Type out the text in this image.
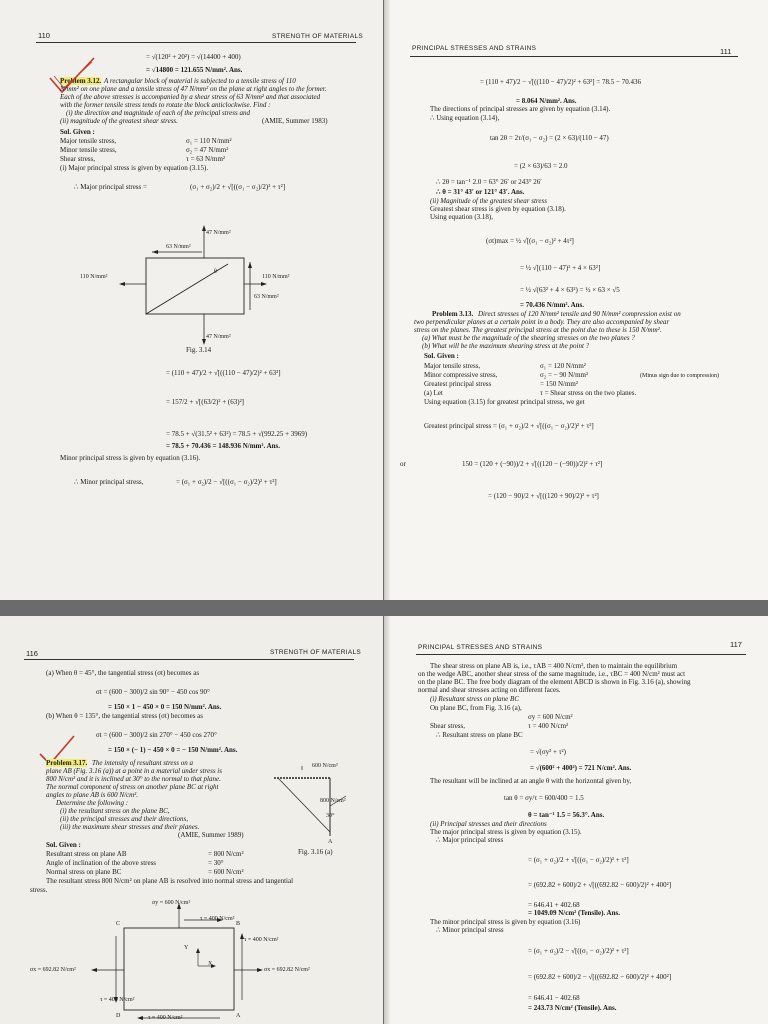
110	STRENGTH OF MATERIALS
= √(120² + 20²) = √(14400 + 400)
= √14800 = 121.655 N/mm². Ans.
Problem 3.12. A rectangular block of material is subjected to a tensile stress of 110
N/mm² on one plane and a tensile stress of 47 N/mm² on the plane at right angles to the former.
Each of the above stresses is accompanied by a shear stress of 63 N/mm² and that associated
with the former tensile stress tends to rotate the block anticlockwise. Find :
(i) the direction and magnitude of each of the principal stress and
(ii) magnitude of the greatest shear stress.	(AMIE, Summer 1983)
Sol. Given :
Major tensile stress,	σ₁ = 110 N/mm²
Minor tensile stress,	σ₂ = 47 N/mm²
Shear stress,	τ = 63 N/mm²
(i) Major principal stress is given by equation (3.15).
∴ Major principal stress =	(σ₁ + σ₂)/2 + √[((σ₁ − σ₂)/2)² + τ²]
47 N/mm²
110 N/mm²	110 N/mm²
63 N/mm²
63 N/mm²
47 N/mm²
θ
Fig. 3.14
= (110 + 47)/2 + √[((110 − 47)/2)² + 63²]
= 157/2 + √[(63/2)² + (63)²]
= 78.5 + √(31.5² + 63²) = 78.5 + √(992.25 + 3969)
= 78.5 + 70.436 = 148.936 N/mm². Ans.
Minor principal stress is given by equation (3.16).
∴ Minor principal stress,	= (σ₁ + σ₂)/2 − √[((σ₁ − σ₂)/2)² + τ²]
PRINCIPAL STRESSES AND STRAINS	111
= (110 + 47)/2 − √[((110 − 47)/2)² + 63²] = 78.5 − 70.436
= 8.064 N/mm². Ans.
The directions of principal stresses are given by equation (3.14).
∴ Using equation (3.14),
tan 2θ = 2τ/(σ₁ − σ₂) = (2 × 63)/(110 − 47)
= (2 × 63)/63 = 2.0
∴ 2θ = tan⁻¹ 2.0 = 63° 26′ or 243° 26′
∴ θ = 31° 43′ or 121° 43′. Ans.
(ii) Magnitude of the greatest shear stress
Greatest shear stress is given by equation (3.18).
Using equation (3.18),
(σt)max = ½ √[(σ₁ − σ₂)² + 4τ²]
= ½ √[(110 − 47)² + 4 × 63²]
= ½ √(63² + 4 × 63²) = ½ × 63 × √5
= 70.436 N/mm². Ans.
Problem 3.13. Direct stresses of 120 N/mm² tensile and 90 N/mm² compression exist on
two perpendicular planes at a certain point in a body. They are also accompanied by shear
stress on the planes. The greatest principal stress at the point due to these is 150 N/mm².
(a) What must be the magnitude of the shearing stresses on the two planes ?
(b) What will be the maximum shearing stress at the point ?
Sol. Given :
Major tensile stress,	σ₁ = 120 N/mm²
Minor compressive stress,	σ₂ = − 90 N/mm²	(Minus sign due to compression)
Greatest principal stress	= 150 N/mm²
(a) Let	τ = Shear stress on the two planes.
Using equation (3.15) for greatest principal stress, we get
Greatest principal stress = (σ₁ + σ₂)/2 + √[((σ₁ − σ₂)/2)² + τ²]
or	150 = (120 + (−90))/2 + √[((120 − (−90))/2)² + τ²]
= (120 − 90)/2 + √[((120 + 90)/2)² + τ²]
116	STRENGTH OF MATERIALS
(a) When θ = 45°, the tangential stress (σt) becomes as
σt = (600 − 300)/2 sin 90° − 450 cos 90°
= 150 × 1 − 450 × 0 = 150 N/mm². Ans.
(b) When θ = 135°, the tangential stress (σt) becomes as
σt = (600 − 300)/2 sin 270° − 450 cos 270°
= 150 × (− 1) − 450 × 0 = − 150 N/mm². Ans.
Problem 3.17. The intensity of resultant stress on a
plane AB (Fig. 3.16 (a)) at a point in a material under stress is
800 N/cm² and it is inclined at 30° to the normal to that plane.
The normal component of stress on another plane BC at right
angles to plane AB is 600 N/cm².
Determine the following :
(i) the resultant stress on the plane BC,
(ii) the principal stresses and their directions,
(iii) the maximum shear stresses and their planes.
(AMIE, Summer 1989)
600 N/cm²
800 N/cm²
30°
A
Fig. 3.16 (a)
Sol. Given :
Resultant stress on plane AB	= 800 N/cm²
Angle of inclination of the above stress	= 30°
Normal stress on plane BC	= 600 N/cm²
The resultant stress 800 N/cm² on plane AB is resolved into normal stress and tangential
stress.
σy = 600 N/cm²
τ = 400 N/cm²
σx = 692.82 N/cm²	σx = 692.82 N/cm²
τ = 400 N/cm²
τ = 400 N/cm²
τ = 400 N/cm²
C	B
D	A
Y
X
PRINCIPAL STRESSES AND STRAINS	117
The shear stress on plane AB is, i.e., τAB = 400 N/cm², then to maintain the equilibrium
on the wedge ABC, another shear stress of the same magnitude, i.e., τBC = 400 N/cm² must act
on the plane BC. The free body diagram of the element ABCD is shown in Fig. 3.16 (a), showing
normal and shear stresses acting on different faces.
(i) Resultant stress on plane BC
On plane BC, from Fig. 3.16 (a),
σy = 600 N/cm²
Shear stress,	τ = 400 N/cm²
∴ Resultant stress on plane BC
= √(σy² + τ²)
= √(600² + 400²) = 721 N/cm². Ans.
The resultant will be inclined at an angle θ with the horizontal given by,
tan θ = σy/τ = 600/400 = 1.5
θ = tan⁻¹ 1.5 = 56.3°. Ans.
(ii) Principal stresses and their directions
The major principal stress is given by equation (3.15).
∴ Major principal stress
= (σ₁ + σ₂)/2 + √[((σ₁ − σ₂)/2)² + τ²]
= (692.82 + 600)/2 + √[((692.82 − 600)/2)² + 400²]
= 646.41 + 402.68
= 1049.09 N/cm² (Tensile). Ans.
The minor principal stress is given by equation (3.16)
∴ Minor principal stress
= (σ₁ + σ₂)/2 − √[((σ₁ − σ₂)/2)² + τ²]
= (692.82 + 600)/2 − √[((692.82 − 600)/2)² + 400²]
= 646.41 − 402.68
= 243.73 N/cm² (Tensile). Ans.
